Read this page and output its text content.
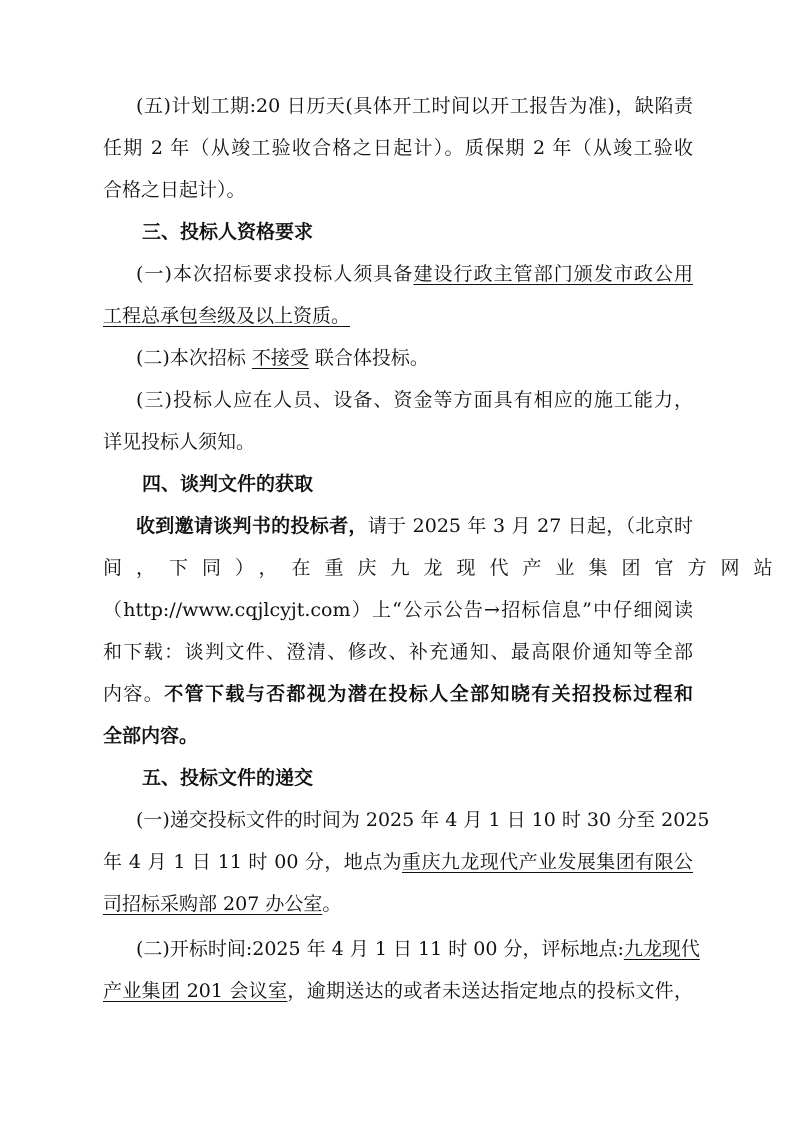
(五)计划工期:20 日历天(具体开工时间以开工报告为准)，缺陷责

任期 2 年（从竣工验收合格之日起计）。质保期 2 年（从竣工验收

合格之日起计）。

三、投标人资格要求

(一)本次招标要求投标人须具备建设行政主管部门颁发市政公用

工程总承包叁级及以上资质。

(二)本次招标 不接受 联合体投标。

(三)投标人应在人员、设备、资金等方面具有相应的施工能力，

详见投标人须知。

四、谈判文件的获取

收到邀请谈判书的投标者，请于 2025 年 3 月 27 日起，（北京时

间，下同），在重庆九龙现代产业集团官方网站

（http://www.cqjlcyjt.com）上“公示公告→招标信息”中仔细阅读

和下载：谈判文件、澄清、修改、补充通知、最高限价通知等全部

内容。不管下载与否都视为潜在投标人全部知晓有关招投标过程和

全部内容。

五、投标文件的递交

(一)递交投标文件的时间为 2025 年 4 月 1 日 10 时 30 分至 2025

年 4 月 1 日 11 时 00 分，地点为重庆九龙现代产业发展集团有限公

司招标采购部 207 办公室。

(二)开标时间:2025 年 4 月 1 日 11 时 00 分，评标地点:九龙现代

产业集团 201 会议室，逾期送达的或者未送达指定地点的投标文件，
